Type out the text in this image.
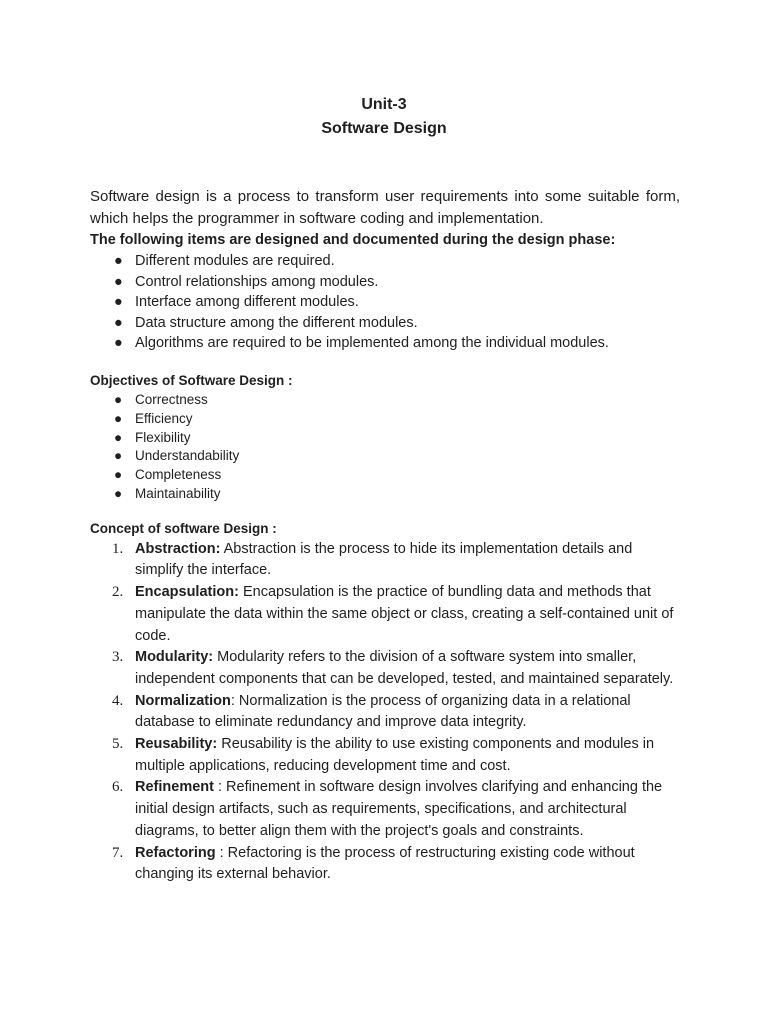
Unit-3
Software Design

Software design is a process to transform user requirements into some suitable form, which helps the programmer in software coding and implementation.

The following items are designed and documented during the design phase:

● Different modules are required.
● Control relationships among modules.
● Interface among different modules.
● Data structure among the different modules.
● Algorithms are required to be implemented among the individual modules.

Objectives of Software Design :

● Correctness
● Efficiency
● Flexibility
● Understandability
● Completeness
● Maintainability

Concept of software Design :

1. Abstraction: Abstraction is the process to hide its implementation details and simplify the interface.
2. Encapsulation: Encapsulation is the practice of bundling data and methods that manipulate the data within the same object or class, creating a self-contained unit of code.
3. Modularity: Modularity refers to the division of a software system into smaller, independent components that can be developed, tested, and maintained separately.
4. Normalization: Normalization is the process of organizing data in a relational database to eliminate redundancy and improve data integrity.
5. Reusability: Reusability is the ability to use existing components and modules in multiple applications, reducing development time and cost.
6. Refinement : Refinement in software design involves clarifying and enhancing the initial design artifacts, such as requirements, specifications, and architectural diagrams, to better align them with the project's goals and constraints.
7. Refactoring : Refactoring is the process of restructuring existing code without changing its external behavior.
